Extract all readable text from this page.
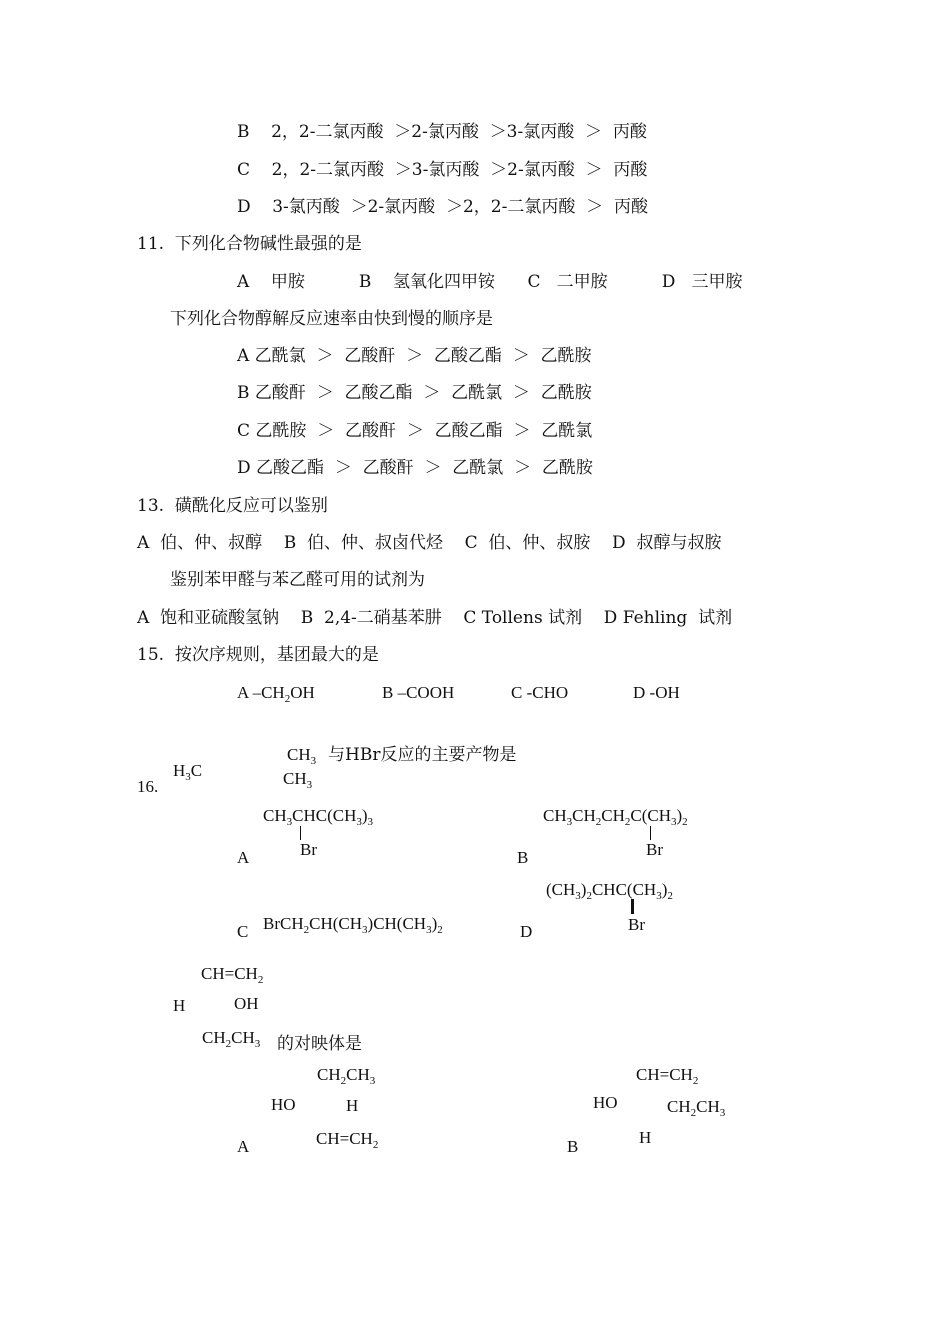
B    2，2-二氯丙酸  ＞2-氯丙酸  ＞3-氯丙酸  ＞  丙酸
C    2，2-二氯丙酸  ＞3-氯丙酸  ＞2-氯丙酸  ＞  丙酸
D    3-氯丙酸  ＞2-氯丙酸  ＞2，2-二氯丙酸  ＞  丙酸
11.  下列化合物碱性最强的是
A    甲胺          B    氢氧化四甲铵      C   二甲胺          D   三甲胺
下列化合物醇解反应速率由快到慢的顺序是
A 乙酰氯  ＞  乙酸酐  ＞  乙酸乙酯  ＞  乙酰胺
B 乙酸酐  ＞  乙酸乙酯  ＞  乙酰氯  ＞  乙酰胺
C 乙酰胺  ＞  乙酸酐  ＞  乙酸乙酯  ＞  乙酰氯
D 乙酸乙酯  ＞  乙酸酐  ＞  乙酰氯  ＞  乙酰胺
13.  磺酰化反应可以鉴别
A  伯、仲、叔醇    B  伯、仲、叔卤代烃    C  伯、仲、叔胺    D  叔醇与叔胺
鉴别苯甲醛与苯乙醛可用的试剂为
A  饱和亚硫酸氢钠    B  2,4-二硝基苯肼    C Tollens 试剂    D Fehling  试剂
15.  按次序规则，基团最大的是
A $-CH_2OH$	B –COOH	C -CHO	D -OH
16.
$H_3C$
$CH_3$ 与HBr反应的主要产物是
$CH_3$
$CH_3CHC(CH_3)_3$
Br
A
$CH_3CH_2CH_2C(CH_3)_2$
Br
B
C $BrCH_2CH(CH_3)CH(CH_3)_2$	D
$(CH_3)_2CHC(CH_3)_2$
Br
$CH=CH_2$
H	OH
$CH_2CH_3$ 的对映体是
$CH_2CH_3$
HO	H
$CH=CH_2$
A
$CH=CH_2$
HO	$CH_2CH_3$
H
B
